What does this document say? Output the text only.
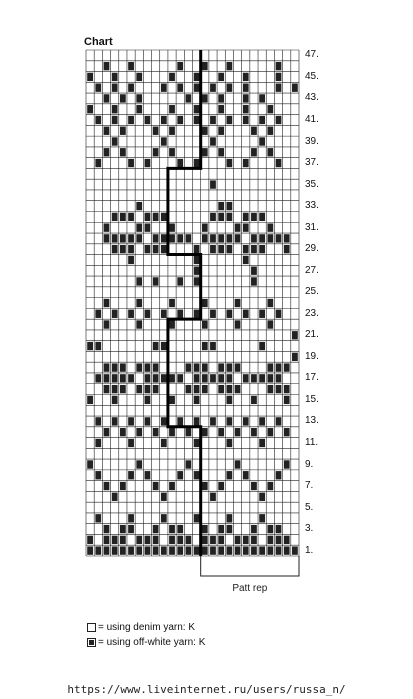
Chart
Patt rep
47.
45.
43.
41.
39.
37.
35.
33.
31.
29.
27.
25.
23.
21.
19.
17.
15.
13.
11.
9.
7.
5.
3.
1.
= using denim yarn: K
= using off-white yarn: K
https://www.liveinternet.ru/users/russa_n/
